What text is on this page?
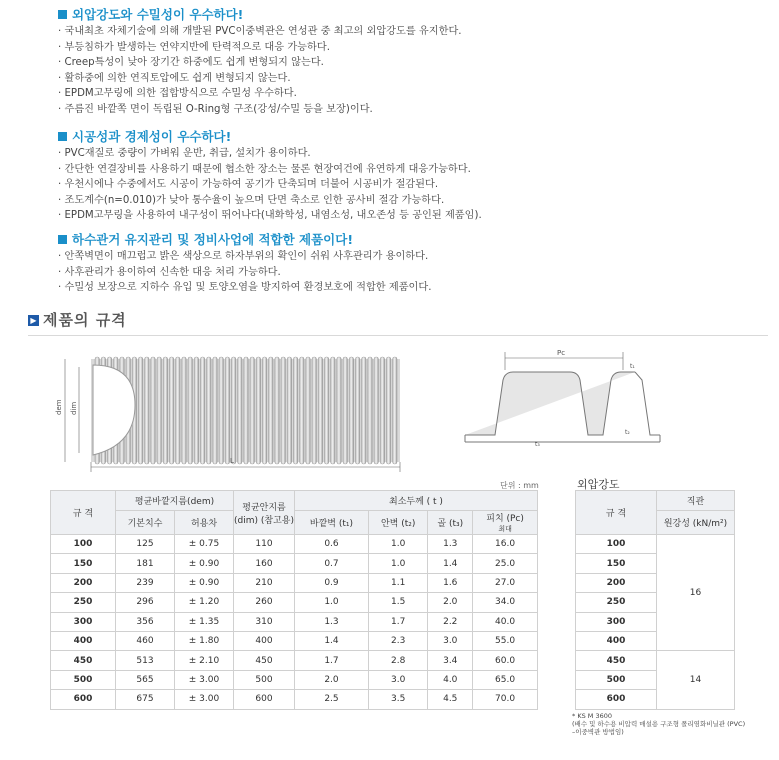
외압강도와 수밀성이 우수하다!
· 국내최초 자체기술에 의해 개발된 PVC이중벽관은 연성관 중 최고의 외압강도를 유지한다.
· 부등침하가 발생하는 연약지반에 탄력적으로 대응 가능하다.
· Creep특성이 낮아 장기간 하중에도 쉽게 변형되지 않는다.
· 활하중에 의한 연직토압에도 쉽게 변형되지 않는다.
· EPDM고무링에 의한 접합방식으로 수밀성 우수하다.
· 주름진 바깥쪽 면이 독립된 O-Ring형 구조(강성/수밀 등을 보장)이다.
시공성과 경제성이 우수하다!
· PVC재질로 중량이 가벼워 운반, 취급, 설치가 용이하다.
· 간단한 연결장비를 사용하기 때문에 협소한 장소는 물론 현장여건에 유연하게 대응가능하다.
· 우천시에나 수중에서도 시공이 가능하여 공기가 단축되며 더불어 시공비가 절감된다.
· 조도계수(n=0.010)가 낮아 통수율이 높으며 단면 축소로 인한 공사비 절감 가능하다.
· EPDM고무링을 사용하여 내구성이 뛰어나다(내화학성, 내염소성, 내오존성 등 공인된 제품임).
하수관거 유지관리 및 정비사업에 적합한 제품이다!
· 안쪽벽면이 매끄럽고 밝은 색상으로 하자부위의 확인이 쉬워 사후관리가 용이하다.
· 사후관리가 용이하여 신속한 대응 처리 가능하다.
· 수밀성 보장으로 지하수 유입 및 토양오염을 방지하여 환경보호에 적합한 제품이다.
▶ 제품의 규격
dem dim
L
Pc
t₁
t₂
t₃
단위 : mm	외압강도
규 격	평균바깥지름(dem)		평균안지름
(dim) (참고용)	최소두께 ( t )			
	기본치수	허용차		바깥벽 (t₁)	안벽 (t₂)	골 (t₃)	피치 (Pc)
최대
100	125	± 0.75	110	0.6	1.0	1.3	16.0
150	181	± 0.90	160	0.7	1.0	1.4	25.0
200	239	± 0.90	210	0.9	1.1	1.6	27.0
250	296	± 1.20	260	1.0	1.5	2.0	34.0
300	356	± 1.35	310	1.3	1.7	2.2	40.0
400	460	± 1.80	400	1.4	2.3	3.0	55.0
450	513	± 2.10	450	1.7	2.8	3.4	60.0
500	565	± 3.00	500	2.0	3.0	4.0	65.0
600	675	± 3.00	600	2.5	3.5	4.5	70.0
규 격	직관
	원강성 (kN/m²)
100	16
150	
200	
250	
300	
400	
450	14
500	
600	
* KS M 3600
(배수 및 하수용 비압력 매설용 구조형 폴리염화비닐관 (PVC)
–이중벽관 방법임)
